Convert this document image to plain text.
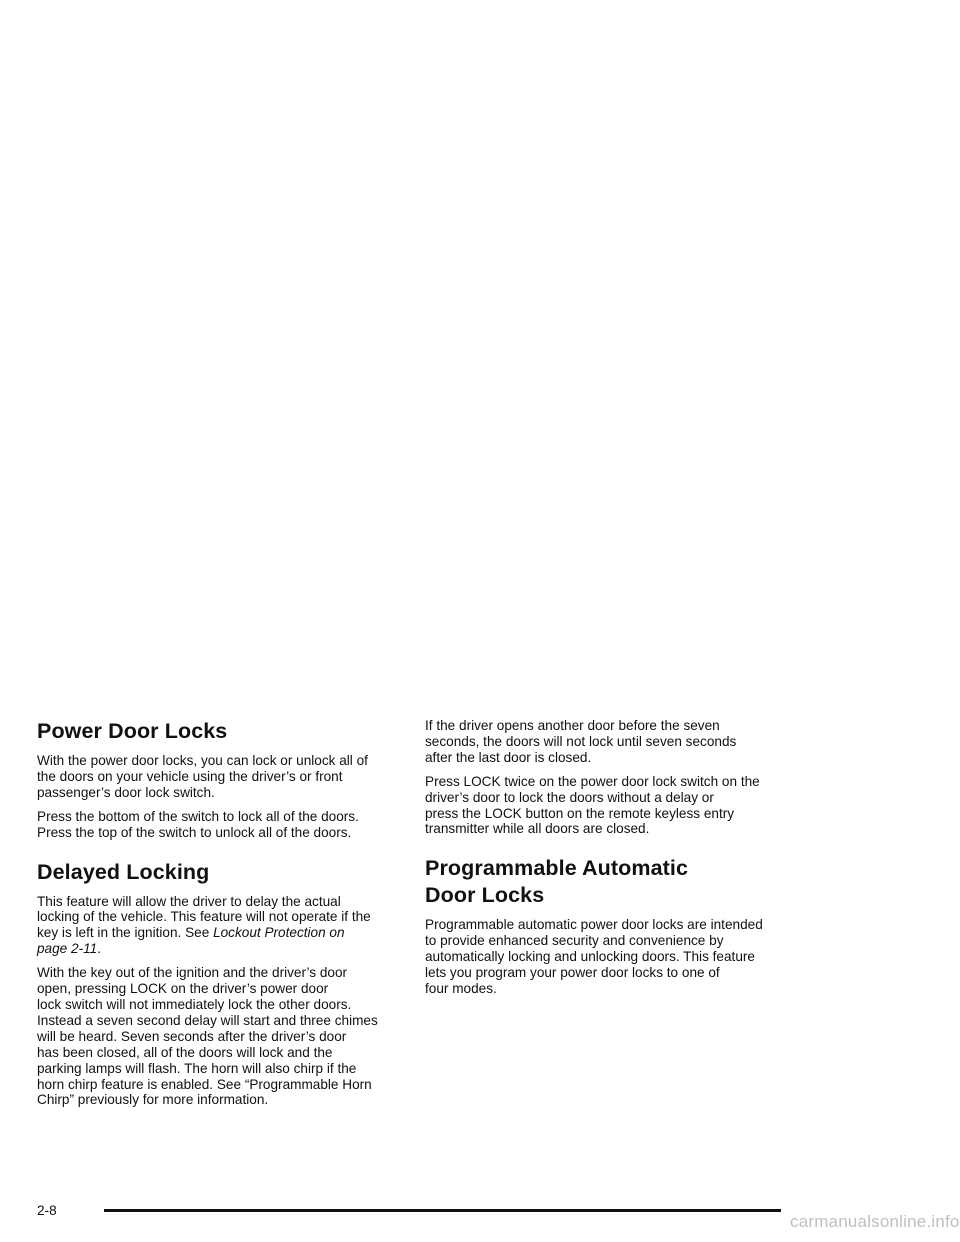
Power Door Locks

With the power door locks, you can lock or unlock all of
the doors on your vehicle using the driver’s or front
passenger’s door lock switch.

Press the bottom of the switch to lock all of the doors.
Press the top of the switch to unlock all of the doors.

Delayed Locking

This feature will allow the driver to delay the actual
locking of the vehicle. This feature will not operate if the
key is left in the ignition. See Lockout Protection on
page 2-11.

With the key out of the ignition and the driver’s door
open, pressing LOCK on the driver’s power door
lock switch will not immediately lock the other doors.
Instead a seven second delay will start and three chimes
will be heard. Seven seconds after the driver’s door
has been closed, all of the doors will lock and the
parking lamps will flash. The horn will also chirp if the
horn chirp feature is enabled. See “Programmable Horn
Chirp” previously for more information.

If the driver opens another door before the seven
seconds, the doors will not lock until seven seconds
after the last door is closed.

Press LOCK twice on the power door lock switch on the
driver’s door to lock the doors without a delay or
press the LOCK button on the remote keyless entry
transmitter while all doors are closed.

Programmable Automatic
Door Locks

Programmable automatic power door locks are intended
to provide enhanced security and convenience by
automatically locking and unlocking doors. This feature
lets you program your power door locks to one of
four modes.

2-8
carmanualsonline.info
